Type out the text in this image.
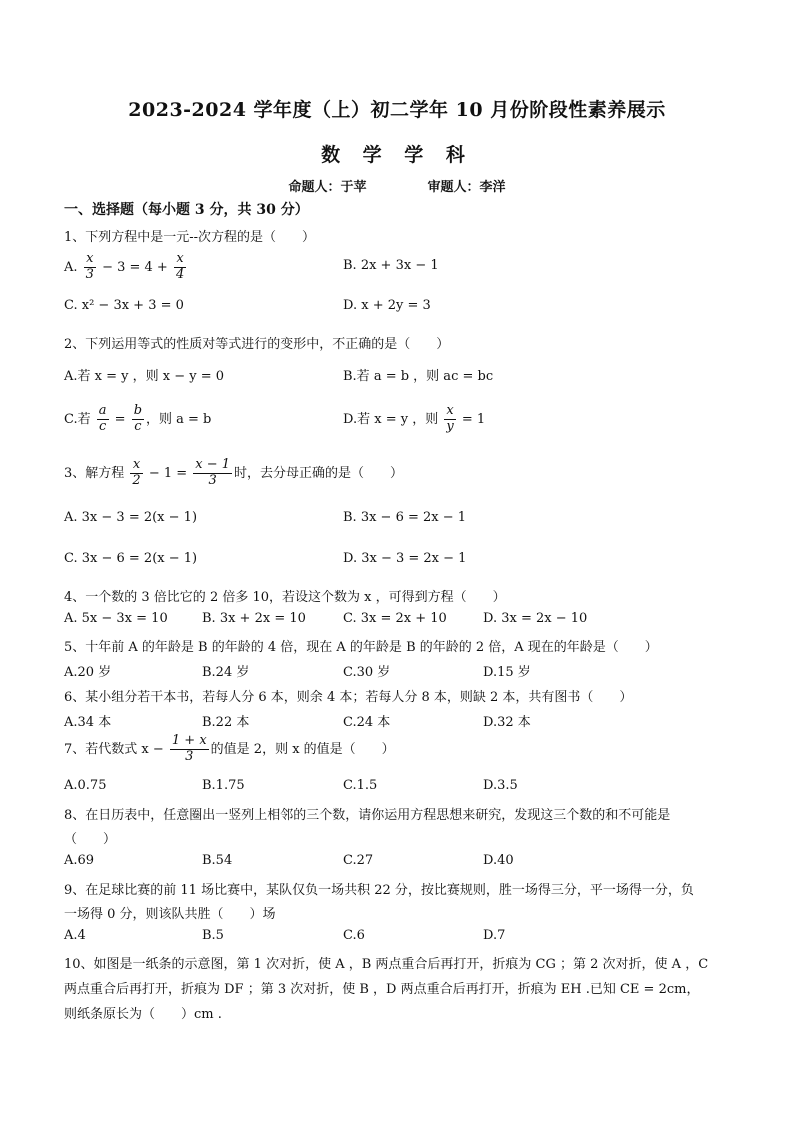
2023-2024 学年度（上）初二学年 10 月份阶段性素养展示
数 学 学 科
命题人：于苹	审题人：李洋
一、选择题（每小题 3 分，共 30 分）
1、下列方程中是一元--次方程的是（　　）
A. $\frac{x}{3} - 3 = 4 + \frac{x}{4}$	B. 2x + 3x − 1
C. x² − 3x + 3 = 0	D. x + 2y = 3
2、下列运用等式的性质对等式进行的变形中，不正确的是（　　）
A.若 x = y ，则 x − y = 0	B.若 a = b ，则 ac = bc
C.若 $\frac{a}{c} = \frac{b}{c}$ ，则 a = b	D.若 x = y ，则 $\frac{x}{y} = 1$
3、解方程 $\frac{x}{2} - 1 = \frac{x - 1}{3}$ 时，去分母正确的是（　　）
A. 3x − 3 = 2(x − 1)	B. 3x − 6 = 2x − 1
C. 3x − 6 = 2(x − 1)	D. 3x − 3 = 2x − 1
4、一个数的 3 倍比它的 2 倍多 10，若设这个数为 x ，可得到方程（　　）
A. 5x − 3x = 10	B. 3x + 2x = 10	C. 3x = 2x + 10	D. 3x = 2x − 10
5、十年前 A 的年龄是 B 的年龄的 4 倍，现在 A 的年龄是 B 的年龄的 2 倍，A 现在的年龄是（　　）
A.20 岁	B.24 岁	C.30 岁	D.15 岁
6、某小组分若干本书，若每人分 6 本，则余 4 本；若每人分 8 本，则缺 2 本，共有图书（　　）
A.34 本	B.22 本	C.24 本	D.32 本
7、若代数式 $x - \frac{1 + x}{3}$ 的值是 2，则 x 的值是（　　）
A.0.75	B.1.75	C.1.5	D.3.5
8、在日历表中，任意圈出一竖列上相邻的三个数，请你运用方程思想来研究，发现这三个数的和不可能是
（　　）
A.69	B.54	C.27	D.40
9、在足球比赛的前 11 场比赛中，某队仅负一场共积 22 分，按比赛规则，胜一场得三分，平一场得一分，负
一场得 0 分，则该队共胜（　　）场
A.4	B.5	C.6	D.7
10、如图是一纸条的示意图，第 1 次对折，使 A ，B 两点重合后再打开，折痕为 CG ；第 2 次对折，使 A ，C
两点重合后再打开，折痕为 DF ；第 3 次对折，使 B ，D 两点重合后再打开，折痕为 EH .已知 CE = 2cm，
则纸条原长为（　　）cm .
